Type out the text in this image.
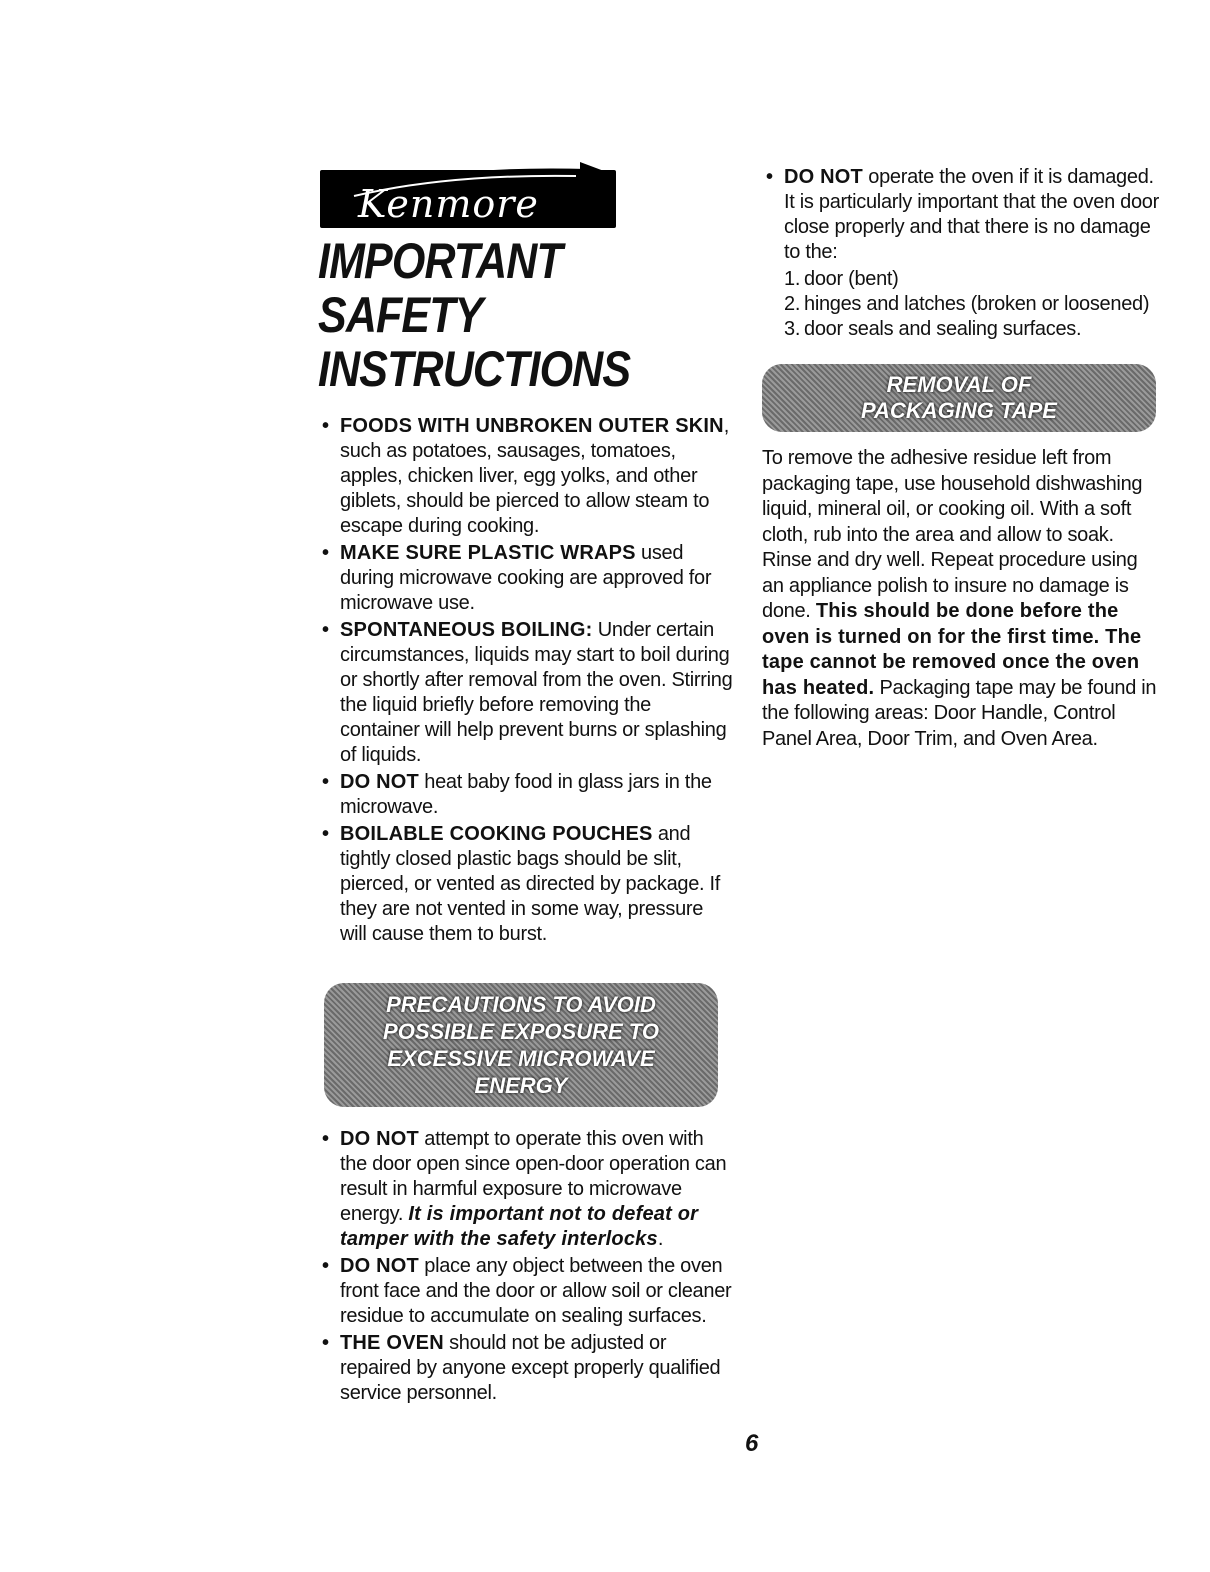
Kenmore
IMPORTANT SAFETY
INSTRUCTIONS
• FOODS WITH UNBROKEN OUTER SKIN, such as potatoes, sausages, tomatoes, apples, chicken liver, egg yolks, and other giblets, should be pierced to allow steam to escape during cooking.
• MAKE SURE PLASTIC WRAPS used during microwave cooking are approved for microwave use.
• SPONTANEOUS BOILING: Under certain circumstances, liquids may start to boil during or shortly after removal from the oven. Stirring the liquid briefly before removing the container will help prevent burns or splashing of liquids.
• DO NOT heat baby food in glass jars in the microwave.
• BOILABLE COOKING POUCHES and tightly closed plastic bags should be slit, pierced, or vented as directed by package. If they are not vented in some way, pressure will cause them to burst.
PRECAUTIONS TO AVOID
POSSIBLE EXPOSURE TO
EXCESSIVE MICROWAVE
ENERGY
• DO NOT attempt to operate this oven with the door open since open-door operation can result in harmful exposure to microwave energy. It is important not to defeat or tamper with the safety interlocks.
• DO NOT place any object between the oven front face and the door or allow soil or cleaner residue to accumulate on sealing surfaces.
• THE OVEN should not be adjusted or repaired by anyone except properly qualified service personnel.
• DO NOT operate the oven if it is damaged. It is particularly important that the oven door close properly and that there is no damage to the:
1. door (bent)
2. hinges and latches (broken or loosened)
3. door seals and sealing surfaces.
REMOVAL OF
PACKAGING TAPE

To remove the adhesive residue left from packaging tape, use household dishwashing liquid, mineral oil, or cooking oil. With a soft cloth, rub into the area and allow to soak. Rinse and dry well. Repeat procedure using an appliance polish to insure no damage is done. This should be done before the oven is turned on for the first time. The tape cannot be removed once the oven has heated. Packaging tape may be found in the following areas: Door Handle, Control Panel Area, Door Trim, and Oven Area.

6
